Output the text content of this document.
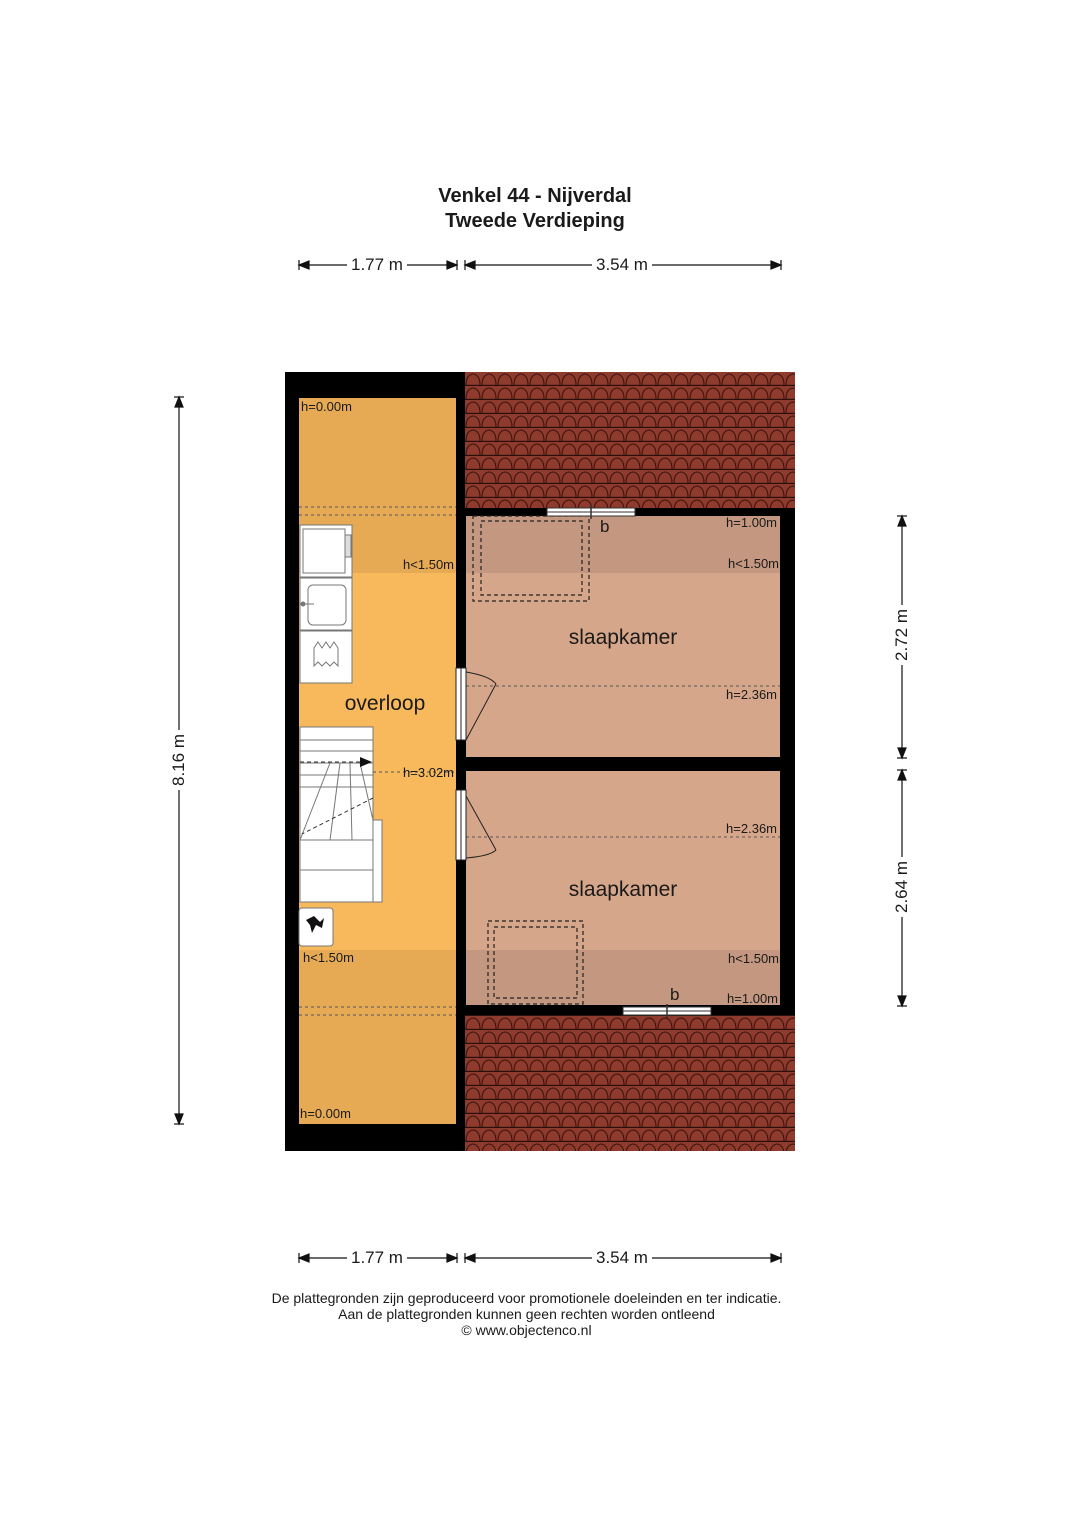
Venkel 44 - Nijverdal
Tweede Verdieping
overloop
slaapkamer
slaapkamer
h=0.00m
h<1.50m
h=3.02m
h<1.50m
h=0.00m
h=1.00m
h<1.50m
h=2.36m
h=2.36m
h<1.50m
h=1.00m
b
b
1.77 m	3.54 m
1.77 m	3.54 m
8.16 m
2.72 m
2.64 m
De plattegronden zijn geproduceerd voor promotionele doeleinden en ter indicatie.
Aan de plattegronden kunnen geen rechten worden ontleend
© www.objectenco.nl
